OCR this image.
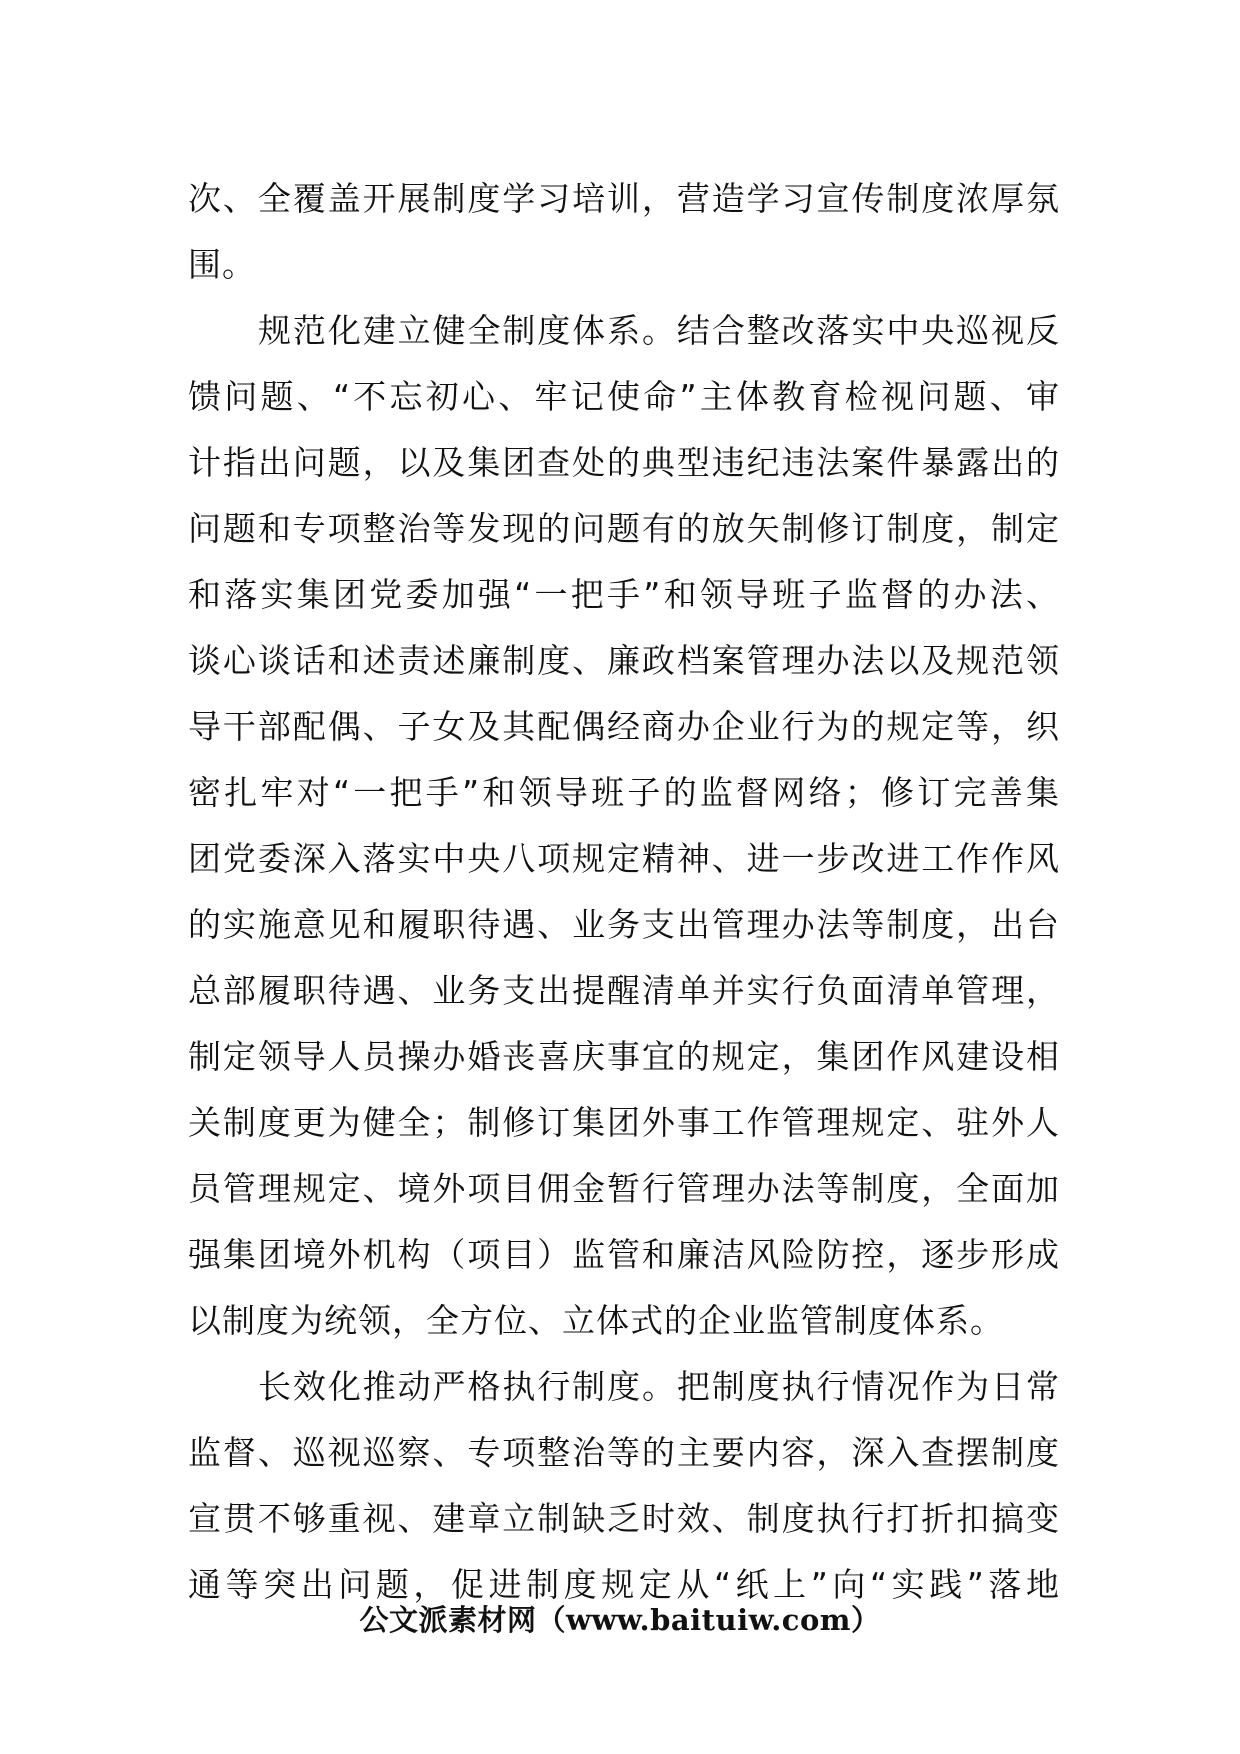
次、全覆盖开展制度学习培训，营造学习宣传制度浓厚氛
围。
规范化建立健全制度体系。结合整改落实中央巡视反
馈问题、“不忘初心、牢记使命”主体教育检视问题、审
计指出问题，以及集团查处的典型违纪违法案件暴露出的
问题和专项整治等发现的问题有的放矢制修订制度，制定
和落实集团党委加强“一把手”和领导班子监督的办法、
谈心谈话和述责述廉制度、廉政档案管理办法以及规范领
导干部配偶、子女及其配偶经商办企业行为的规定等，织
密扎牢对“一把手”和领导班子的监督网络；修订完善集
团党委深入落实中央八项规定精神、进一步改进工作作风
的实施意见和履职待遇、业务支出管理办法等制度，出台
总部履职待遇、业务支出提醒清单并实行负面清单管理，
制定领导人员操办婚丧喜庆事宜的规定，集团作风建设相
关制度更为健全；制修订集团外事工作管理规定、驻外人
员管理规定、境外项目佣金暂行管理办法等制度，全面加
强集团境外机构（项目）监管和廉洁风险防控，逐步形成
以制度为统领，全方位、立体式的企业监管制度体系。
长效化推动严格执行制度。把制度执行情况作为日常
监督、巡视巡察、专项整治等的主要内容，深入查摆制度
宣贯不够重视、建章立制缺乏时效、制度执行打折扣搞变
通等突出问题，促进制度规定从“纸上”向“实践”落地
公文派素材网（www.baituiw.com）
